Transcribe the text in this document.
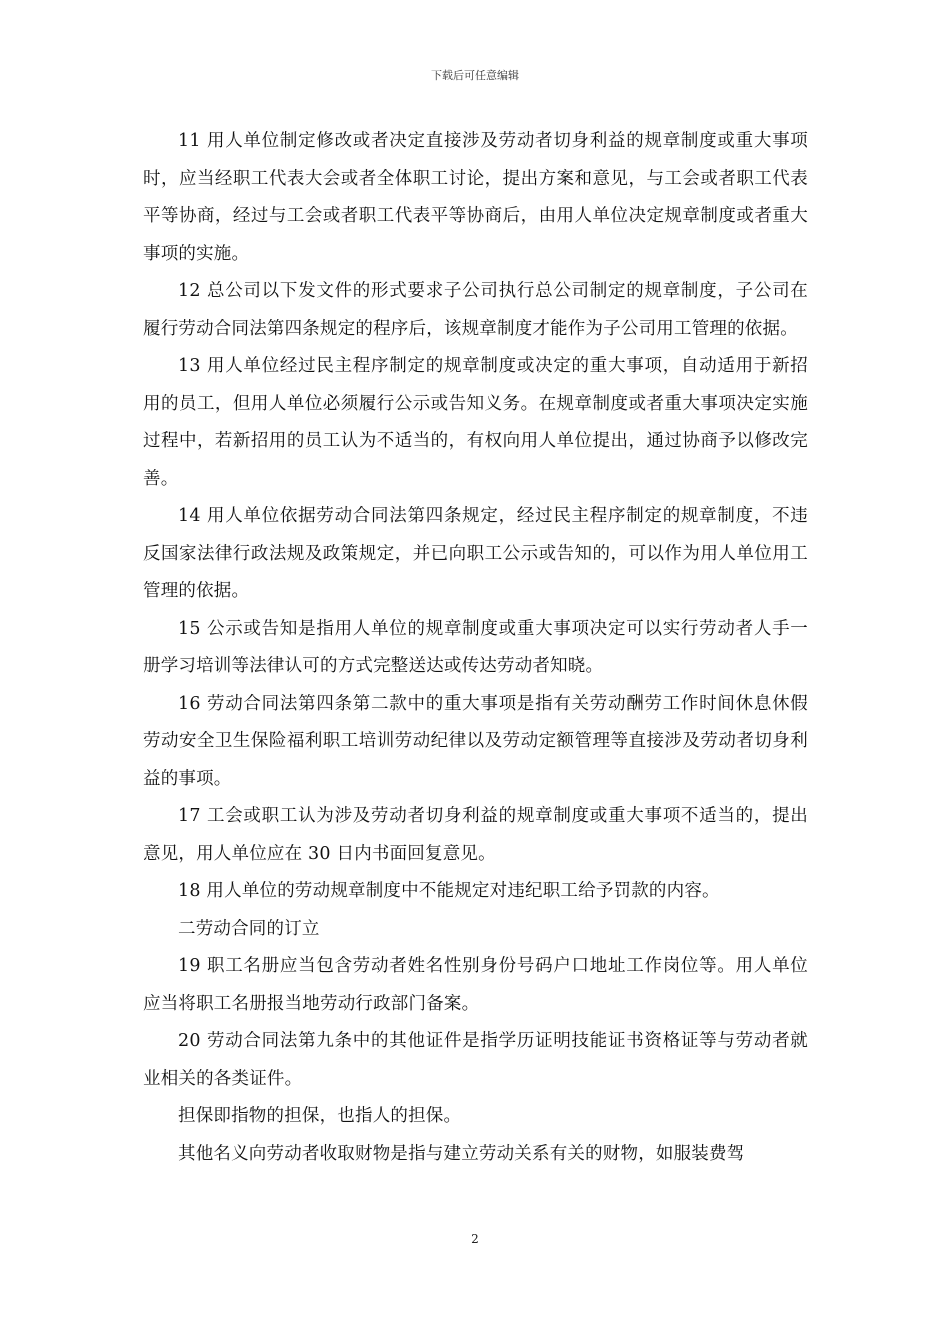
下载后可任意编辑

11 用人单位制定修改或者决定直接涉及劳动者切身利益的规章制度或重大事项时，应当经职工代表大会或者全体职工讨论，提出方案和意见，与工会或者职工代表平等协商，经过与工会或者职工代表平等协商后，由用人单位决定规章制度或者重大事项的实施。

12 总公司以下发文件的形式要求子公司执行总公司制定的规章制度，子公司在履行劳动合同法第四条规定的程序后，该规章制度才能作为子公司用工管理的依据。

13 用人单位经过民主程序制定的规章制度或决定的重大事项，自动适用于新招用的员工，但用人单位必须履行公示或告知义务。在规章制度或者重大事项决定实施过程中，若新招用的员工认为不适当的，有权向用人单位提出，通过协商予以修改完善。

14 用人单位依据劳动合同法第四条规定，经过民主程序制定的规章制度，不违反国家法律行政法规及政策规定，并已向职工公示或告知的，可以作为用人单位用工管理的依据。

15 公示或告知是指用人单位的规章制度或重大事项决定可以实行劳动者人手一册学习培训等法律认可的方式完整送达或传达劳动者知晓。

16 劳动合同法第四条第二款中的重大事项是指有关劳动酬劳工作时间休息休假劳动安全卫生保险福利职工培训劳动纪律以及劳动定额管理等直接涉及劳动者切身利益的事项。

17 工会或职工认为涉及劳动者切身利益的规章制度或重大事项不适当的，提出意见，用人单位应在 30 日内书面回复意见。

18 用人单位的劳动规章制度中不能规定对违纪职工给予罚款的内容。

二劳动合同的订立

19 职工名册应当包含劳动者姓名性别身份号码户口地址工作岗位等。用人单位应当将职工名册报当地劳动行政部门备案。

20 劳动合同法第九条中的其他证件是指学历证明技能证书资格证等与劳动者就业相关的各类证件。

担保即指物的担保，也指人的担保。

其他名义向劳动者收取财物是指与建立劳动关系有关的财物，如服装费驾

2
